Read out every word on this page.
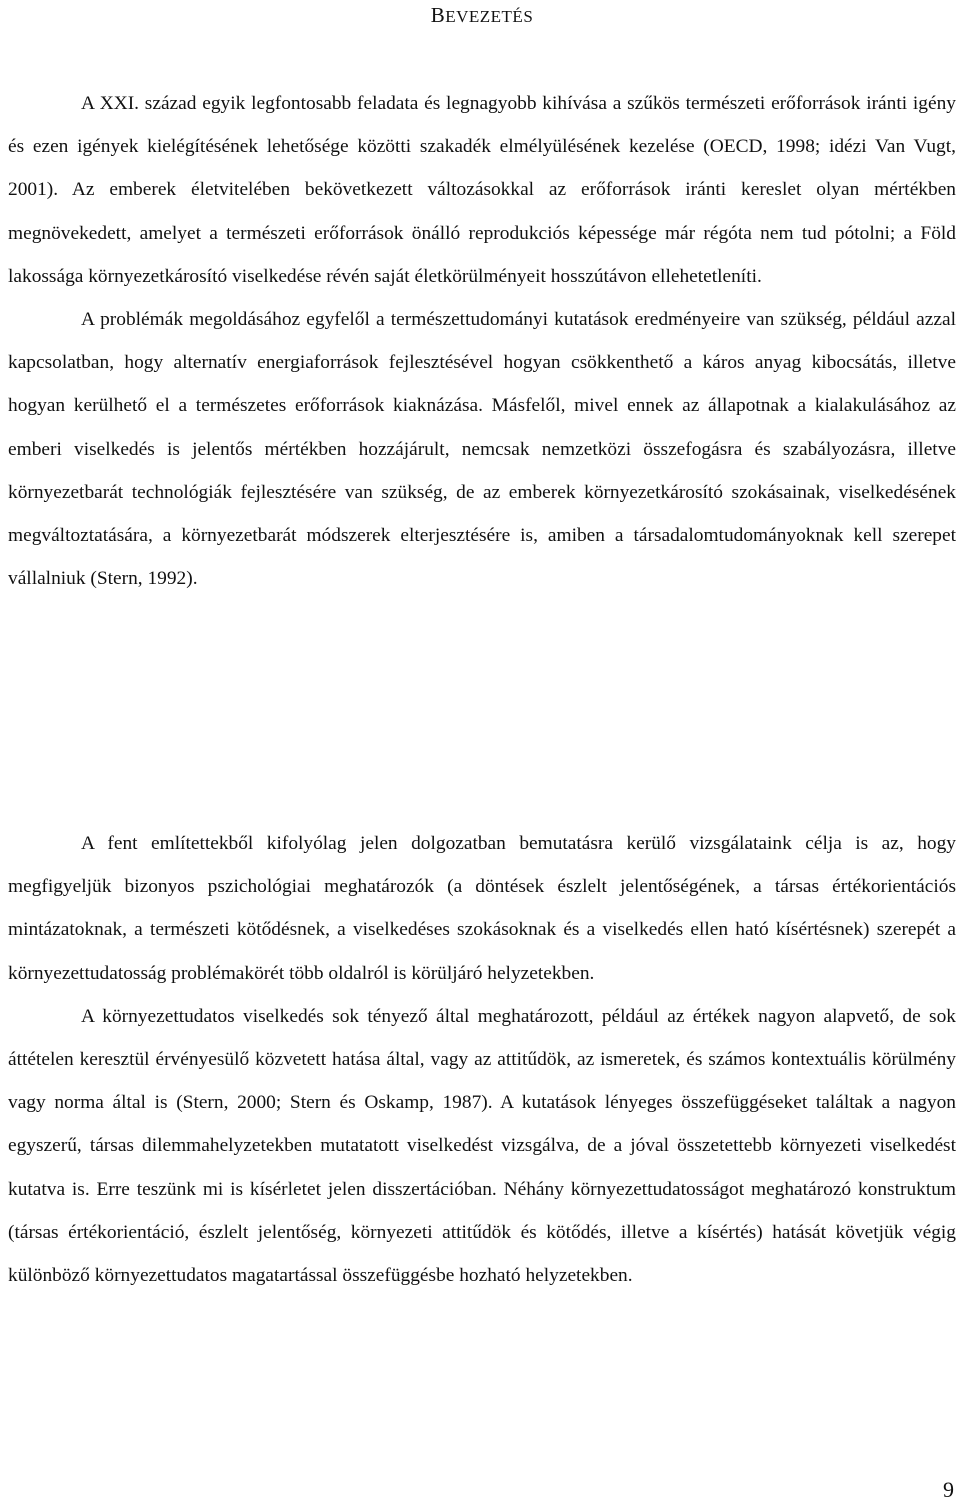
BEVEZETÉS

A XXI. század egyik legfontosabb feladata és legnagyobb kihívása a szűkös természeti erőforrások iránti igény és ezen igények kielégítésének lehetősége közötti szakadék elmélyülésének kezelése (OECD, 1998; idézi Van Vugt, 2001). Az emberek életvitelében bekövetkezett változásokkal az erőforrások iránti kereslet olyan mértékben megnövekedett, amelyet a természeti erőforrások önálló reprodukciós képessége már régóta nem tud pótolni; a Föld lakossága környezetkárosító viselkedése révén saját életkörülményeit hosszútávon ellehetetleníti.

A problémák megoldásához egyfelől a természettudományi kutatások eredményeire van szükség, például azzal kapcsolatban, hogy alternatív energiaforrások fejlesztésével hogyan csökkenthető a káros anyag kibocsátás, illetve hogyan kerülhető el a természetes erőforrások kiaknázása. Másfelől, mivel ennek az állapotnak a kialakulásához az emberi viselkedés is jelentős mértékben hozzájárult, nemcsak nemzetközi összefogásra és szabályozásra, illetve környezetbarát technológiák fejlesztésére van szükség, de az emberek környezetkárosító szokásainak, viselkedésének megváltoztatására, a környezetbarát módszerek elterjesztésére is, amiben a társadalomtudományoknak kell szerepet vállalniuk (Stern, 1992).

A fent említettekből kifolyólag jelen dolgozatban bemutatásra kerülő vizsgálataink célja is az, hogy megfigyeljük bizonyos pszichológiai meghatározók (a döntések észlelt jelentőségének, a társas értékorientációs mintázatoknak, a természeti kötődésnek, a viselkedéses szokásoknak és a viselkedés ellen ható kísértésnek) szerepét a környezettudatosság problémakörét több oldalról is körüljáró helyzetekben.

A környezettudatos viselkedés sok tényező által meghatározott, például az értékek nagyon alapvető, de sok áttételen keresztül érvényesülő közvetett hatása által, vagy az attitűdök, az ismeretek, és számos kontextuális körülmény vagy norma által is (Stern, 2000; Stern és Oskamp, 1987). A kutatások lényeges összefüggéseket találtak a nagyon egyszerű, társas dilemmahelyzetekben mutatatott viselkedést vizsgálva, de a jóval összetettebb környezeti viselkedést kutatva is. Erre teszünk mi is kísérletet jelen disszertációban. Néhány környezettudatosságot meghatározó konstruktum (társas értékorientáció, észlelt jelentőség, környezeti attitűdök és kötődés, illetve a kísértés) hatását követjük végig különböző környezettudatos magatartással összefüggésbe hozható helyzetekben.

9
